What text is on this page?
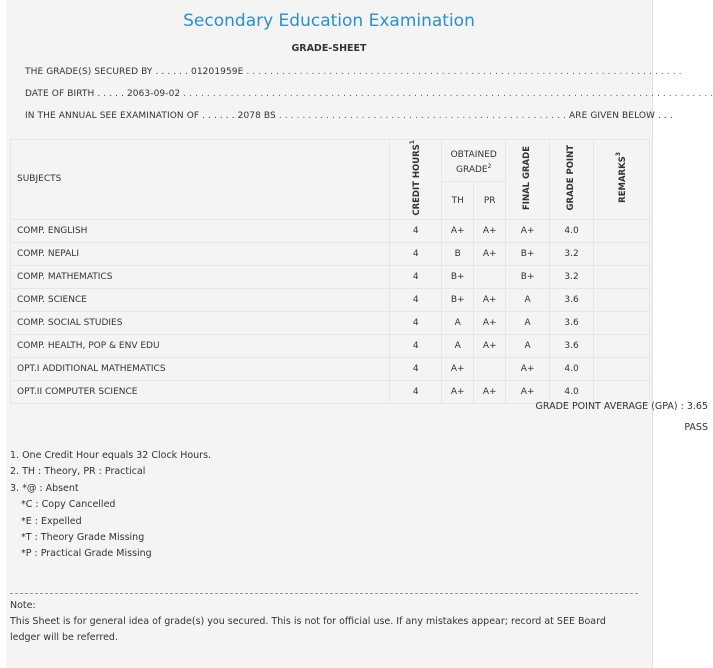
Secondary Education Examination
GRADE-SHEET
THE GRADE(S) SECURED BY . . . . . . 01201959E . . . . . . . . . . . . . . . . . . . . . . . . . . . . . . . . . . . . . . . . . . . . . . . . . . . . . . . . . . . . . . . . . . . . . . . . . .
DATE OF BIRTH . . . . . 2063-09-02 . . . . . . . . . . . . . . . . . . . . . . . . . . . . . . . . . . . . . . . . . . . . . . . . . . . . . . . . . . . . . . . . . . . . . . . . . . . . . . . . . . . . . . . . . .
IN THE ANNUAL SEE EXAMINATION OF . . . . . . 2078 BS . . . . . . . . . . . . . . . . . . . . . . . . . . . . . . . . . . . . . . . . . . . . . . . . . ARE GIVEN BELOW . . .
SUBJECTS	CREDIT HOURS$^1$	OBTAINED GRADE$^2$		FINAL GRADE	GRADE POINT	REMARKS$^3$
		TH	PR			
COMP. ENGLISH	4	A+	A+	A+	4.0	
COMP. NEPALI	4	B	A+	B+	3.2	
COMP. MATHEMATICS	4	B+		B+	3.2	
COMP. SCIENCE	4	B+	A+	A	3.6	
COMP. SOCIAL STUDIES	4	A	A+	A	3.6	
COMP. HEALTH, POP & ENV EDU	4	A	A+	A	3.6	
OPT.I ADDITIONAL MATHEMATICS	4	A+		A+	4.0	
OPT.II COMPUTER SCIENCE	4	A+	A+	A+	4.0	
GRADE POINT AVERAGE (GPA) : 3.65
PASS
1. One Credit Hour equals 32 Clock Hours.
2. TH : Theory, PR : Practical
3. *@ : Absent
*C : Copy Cancelled
*E : Expelled
*T : Theory Grade Missing
*P : Practical Grade Missing
Note:
This Sheet is for general idea of grade(s) you secured. This is not for official use. If any mistakes appear; record at SEE Board ledger will be referred.
